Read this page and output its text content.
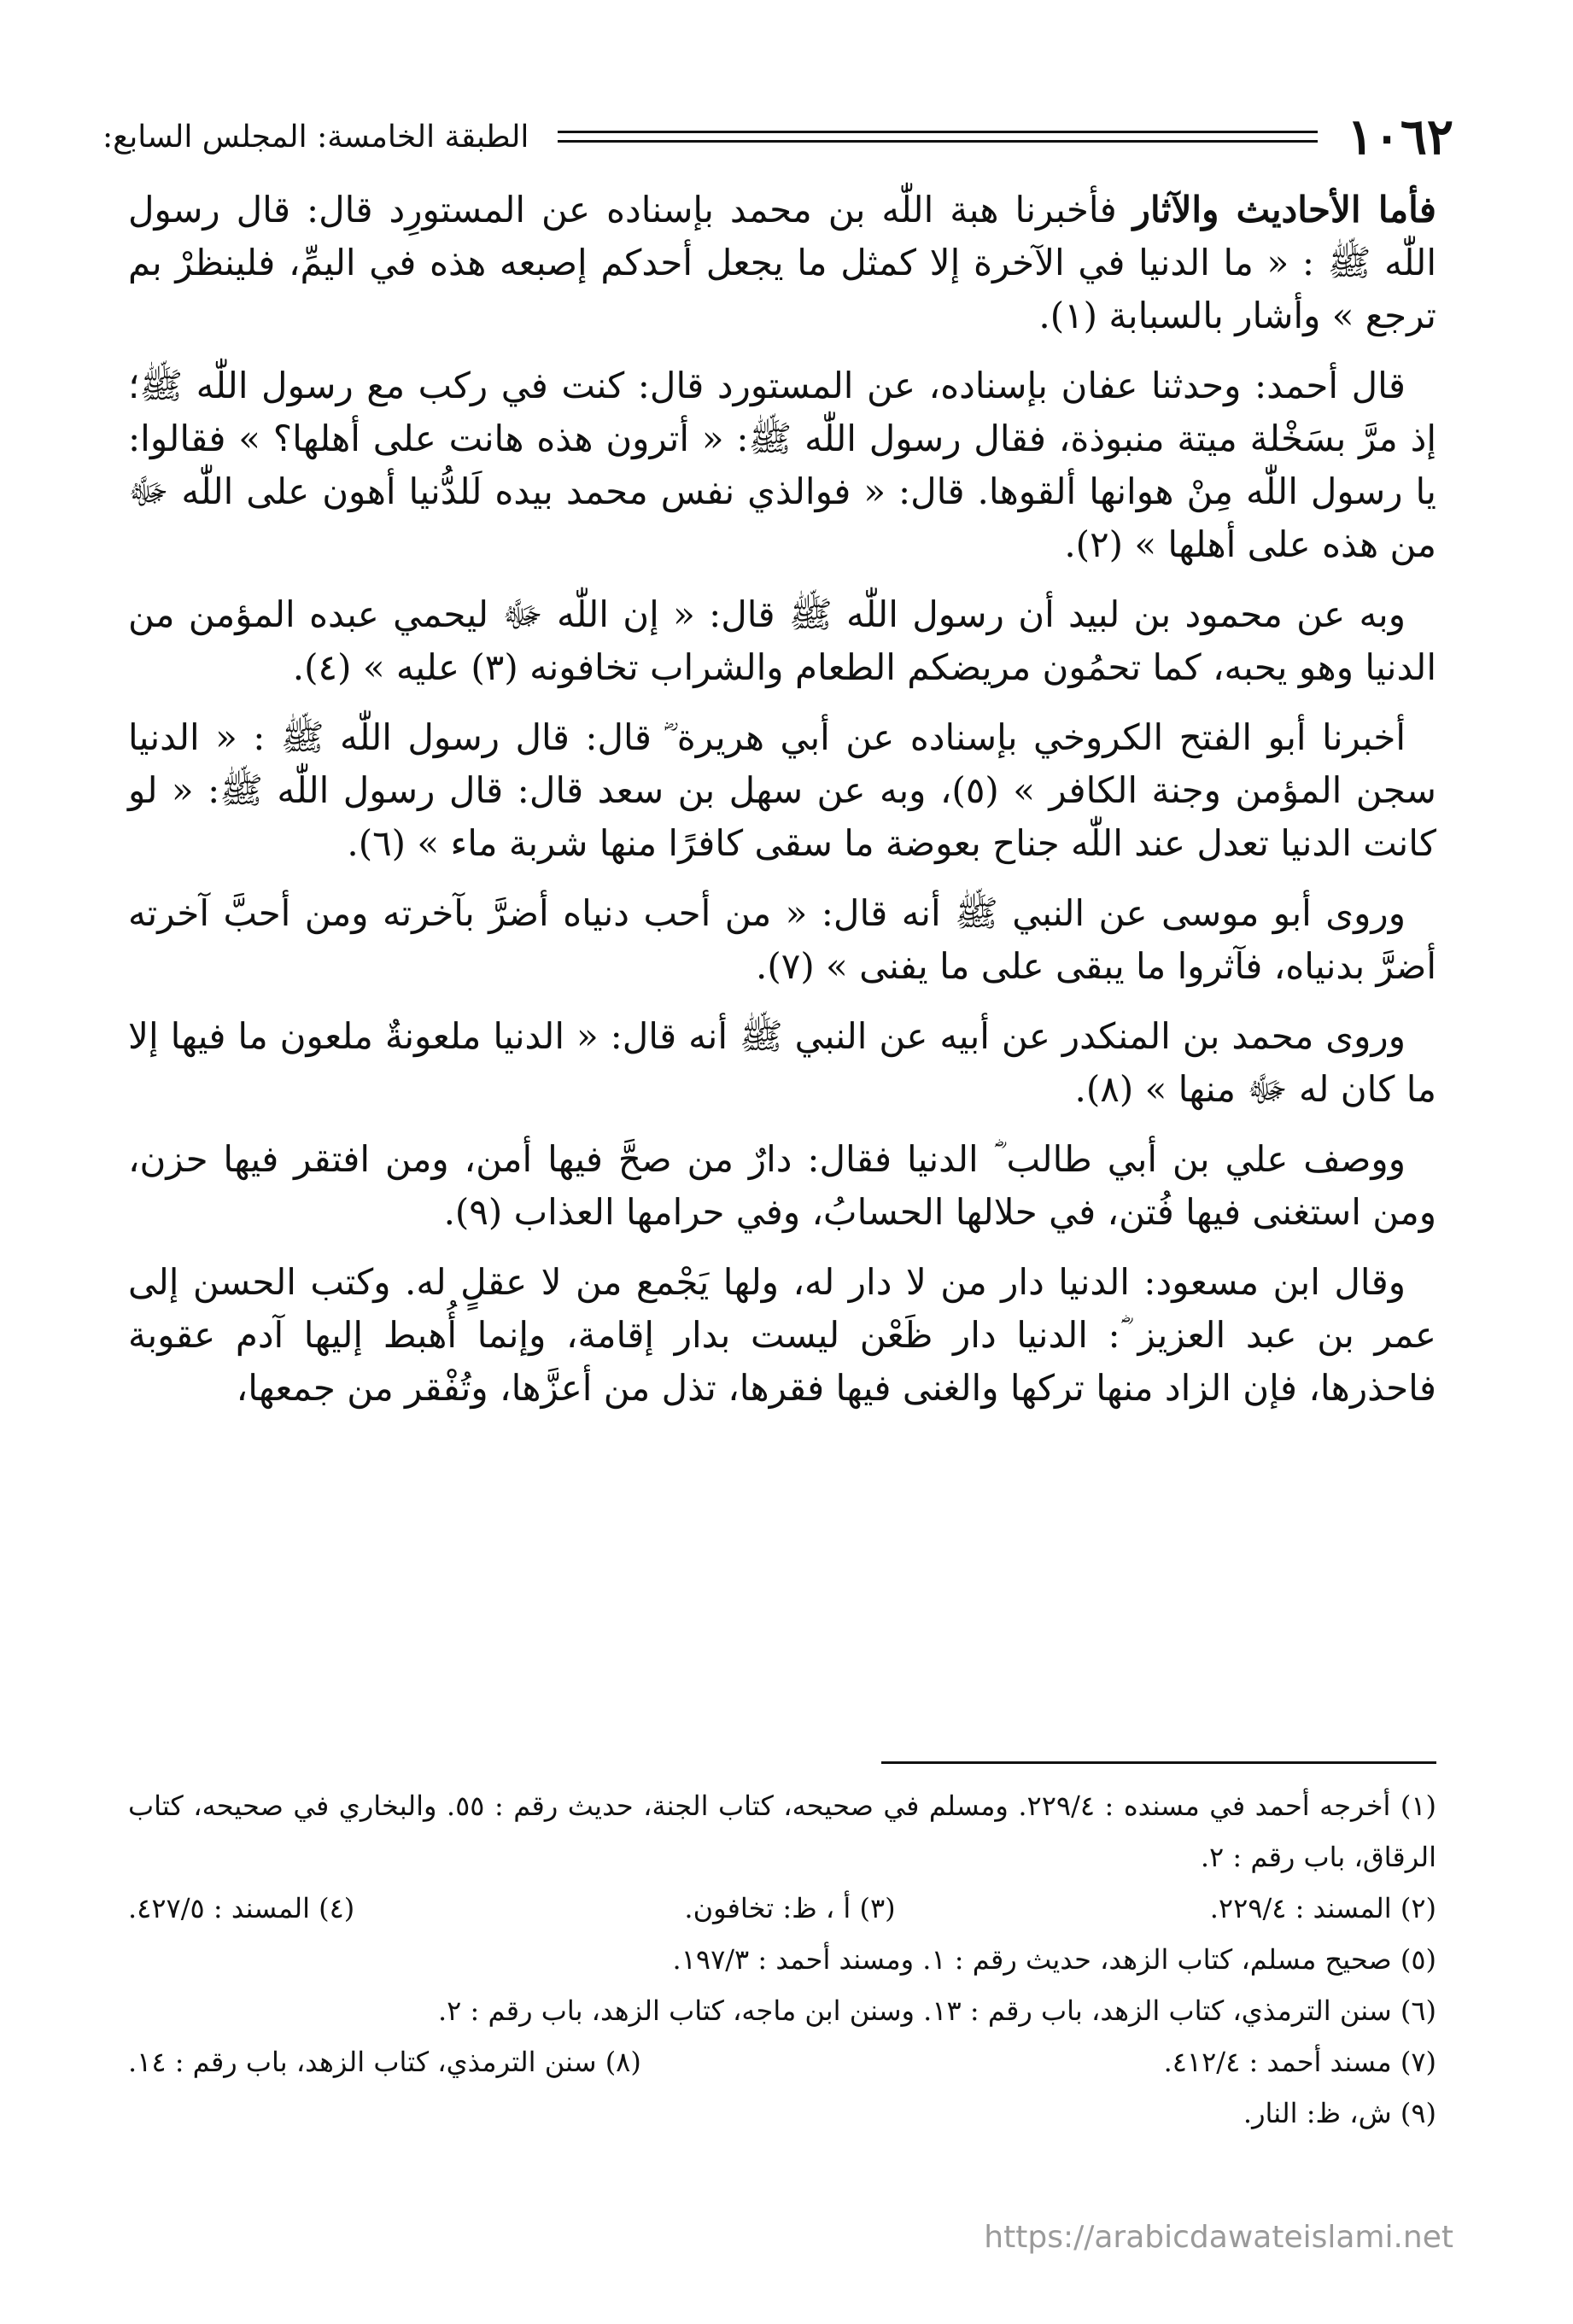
١٠٦٢
الطبقة الخامسة: المجلس السابع:

فأما الأحاديث والآثار فأخبرنا هبة اللّٰه بن محمد بإسناده عن المستورِد قال: قال رسول اللّٰه ﷺ : « ما الدنيا في الآخرة إلا كمثل ما يجعل أحدكم إصبعه هذه في اليمِّ، فلينظرْ بم ترجع » وأشار بالسبابة (١).

قال أحمد: وحدثنا عفان بإسناده، عن المستورد قال: كنت في ركب مع رسول اللّٰه ﷺ؛ إذ مرَّ بسَخْلة ميتة منبوذة، فقال رسول اللّٰه ﷺ: « أترون هذه هانت على أهلها؟ » فقالوا: يا رسول اللّٰه مِنْ هوانها ألقوها. قال: « فوالذي نفس محمد بيده لَلدُّنيا أهون على اللّٰه ﷻ من هذه على أهلها » (٢).

وبه عن محمود بن لبيد أن رسول اللّٰه ﷺ قال: « إن اللّٰه ﷻ ليحمي عبده المؤمن من الدنيا وهو يحبه، كما تحمُون مريضكم الطعام والشراب تخافونه (٣) عليه » (٤).

أخبرنا أبو الفتح الكروخي بإسناده عن أبي هريرة ؓ قال: قال رسول اللّٰه ﷺ : « الدنيا سجن المؤمن وجنة الكافر » (٥)، وبه عن سهل بن سعد قال: قال رسول اللّٰه ﷺ: « لو كانت الدنيا تعدل عند اللّٰه جناح بعوضة ما سقى كافرًا منها شربة ماء » (٦).

وروى أبو موسى عن النبي ﷺ أنه قال: « من أحب دنياه أضرَّ بآخرته ومن أحبَّ آخرته أضرَّ بدنياه، فآثروا ما يبقى على ما يفنى » (٧).

وروى محمد بن المنكدر عن أبيه عن النبي ﷺ أنه قال: « الدنيا ملعونةٌ ملعون ما فيها إلا ما كان له ﷻ منها » (٨).

ووصف علي بن أبي طالب ؓ الدنيا فقال: دارٌ من صحَّ فيها أمن، ومن افتقر فيها حزن، ومن استغنى فيها فُتن، في حلالها الحسابُ، وفي حرامها العذاب (٩).

وقال ابن مسعود: الدنيا دار من لا دار له، ولها يَجْمع من لا عقلٍ له. وكتب الحسن إلى عمر بن عبد العزيز ؓ: الدنيا دار ظَعْن ليست بدار إقامة، وإنما أُهبط إليها آدم عقوبة فاحذرها، فإن الزاد منها تركها والغنى فيها فقرها، تذل من أعزَّها، وتُفْقر من جمعها،

(١) أخرجه أحمد في مسنده : ٢٢٩/٤. ومسلم في صحيحه، كتاب الجنة، حديث رقم : ٥٥. والبخاري في صحيحه، كتاب الرقاق، باب رقم : ٢.
(٢) المسند : ٢٢٩/٤.
(٣) أ ، ظ: تخافون.
(٤) المسند : ٤٢٧/٥.
(٥) صحيح مسلم، كتاب الزهد، حديث رقم : ١. ومسند أحمد : ١٩٧/٣.
(٦) سنن الترمذي، كتاب الزهد، باب رقم : ١٣. وسنن ابن ماجه، كتاب الزهد، باب رقم : ٢.
(٧) مسند أحمد : ٤١٢/٤.
(٨) سنن الترمذي، كتاب الزهد، باب رقم : ١٤.
(٩) ش، ظ: النار.
https://arabicdawateislami.net
